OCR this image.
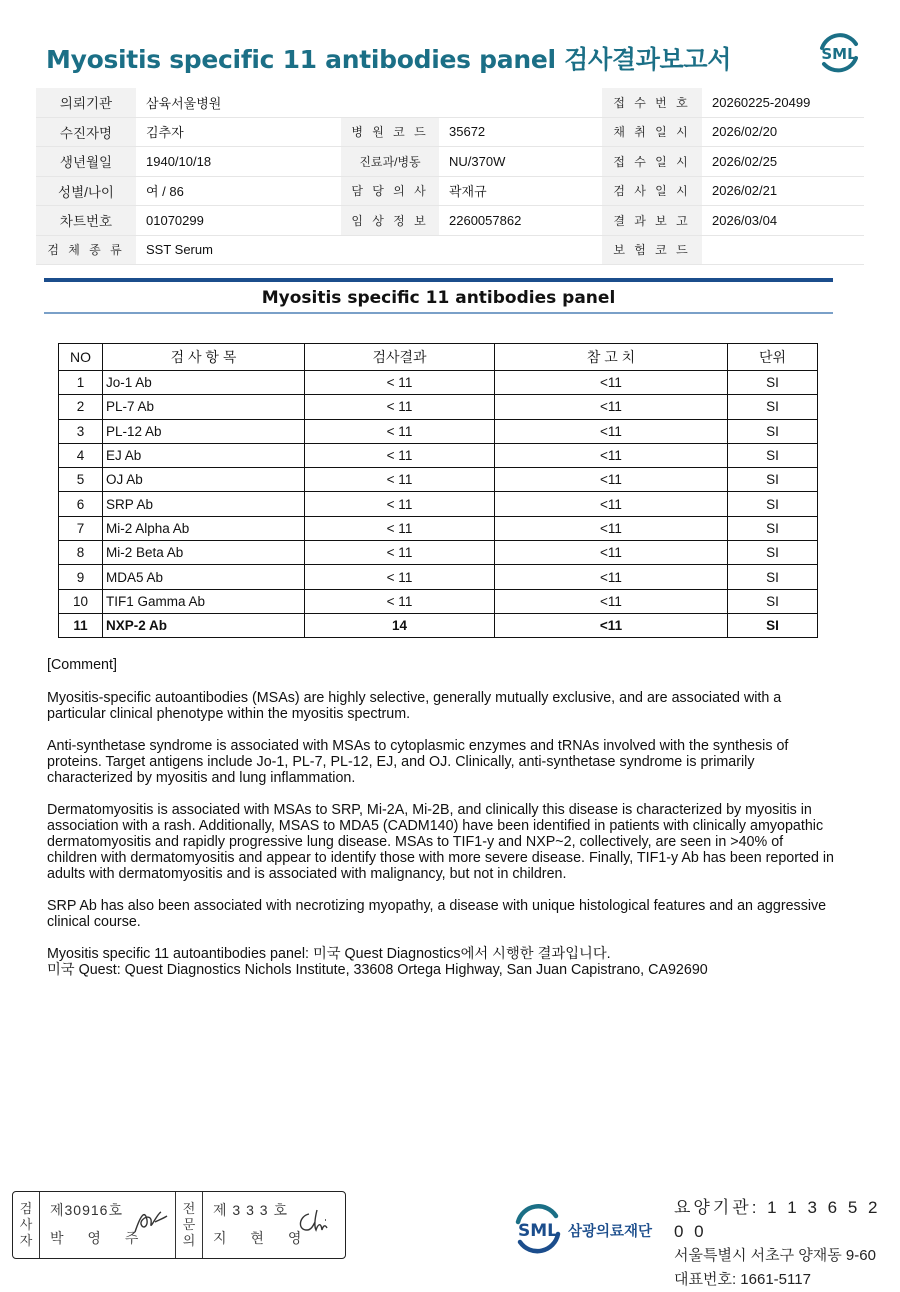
Myositis specific 11 antibodies panel 검사결과보고서	SML
의뢰기관	삼육서울병원			접 수 번 호	20260225-20499
수진자명	김추자	병 원 코 드	35672	채 취 일 시	2026/02/20
생년월일	1940/10/18	진료과/병동	NU/370W	접 수 일 시	2026/02/25
성별/나이	여 / 86	담 당 의 사	곽재규	검 사 일 시	2026/02/21
차트번호	01070299	임 상 정 보	2260057862	결 과 보 고	2026/03/04
검 체 종 류	SST Serum			보 험 코 드	
Myositis specific 11 antibodies panel
NO	검 사 항 목	검사결과	참 고 치	단위
1	Jo-1 Ab	< 11	<11	SI
2	PL-7 Ab	< 11	<11	SI
3	PL-12 Ab	< 11	<11	SI
4	EJ Ab	< 11	<11	SI
5	OJ Ab	< 11	<11	SI
6	SRP Ab	< 11	<11	SI
7	Mi-2 Alpha Ab	< 11	<11	SI
8	Mi-2 Beta Ab	< 11	<11	SI
9	MDA5 Ab	< 11	<11	SI
10	TIF1 Gamma Ab	< 11	<11	SI
11	NXP-2 Ab	14	<11	SI

[Comment]

Myositis-specific autoantibodies (MSAs) are highly selective, generally mutually exclusive, and are associated with a particular clinical phenotype within the myositis spectrum.

Anti-synthetase syndrome is associated with MSAs to cytoplasmic enzymes and tRNAs involved with the synthesis of proteins. Target antigens include Jo-1, PL-7, PL-12, EJ, and OJ. Clinically, anti-synthetase syndrome is primarily characterized by myositis and lung inflammation.

Dermatomyositis is associated with MSAs to SRP, Mi-2A, Mi-2B, and clinically this disease is characterized by myositis in association with a rash. Additionally, MSAS to MDA5 (CADM140) have been identified in patients with clinically amyopathic dermatomyositis and rapidly progressive lung disease. MSAs to TIF1-y and NXP~2, collectively, are seen in >40% of children with dermatomyositis and appear to identify those with more severe disease. Finally, TIF1-y Ab has been reported in adults with dermatomyositis and is associated with malignancy, but not in children.

SRP Ab has also been associated with necrotizing myopathy, a disease with unique histological features and an aggressive clinical course.

Myositis specific 11 autoantibodies panel: 미국 Quest Diagnostics에서 시행한 결과입니다.
미국 Quest: Quest Diagnostics Nichols Institute, 33608 Ortega Highway, San Juan Capistrano, CA92690

검
사
자
제30916호
박 영 주
전
문
의
제 3 3 3 호
지 현 영	SML 삼광의료재단
요양기관: 1 1 3 6 5 2 0 0
서울특별시 서초구 양재동 9-60
대표번호: 1661-5117
